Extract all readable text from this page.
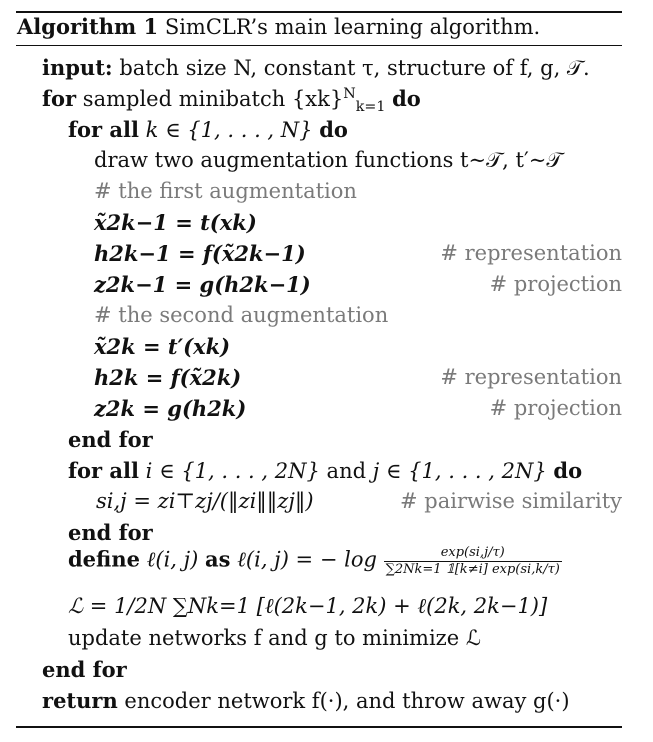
Algorithm 1 SimCLR’s main learning algorithm.
input: batch size N, constant τ, structure of f, g, 𝒯.
for sampled minibatch {xk}$^N_{k=1}$ do
for all k ∈ {1, . . . , N} do
draw two augmentation functions t∼𝒯, t′∼𝒯
# the first augmentation
x̃2k−1 = t(xk)
h2k−1 = f(x̃2k−1)	# representation
z2k−1 = g(h2k−1)	# projection
# the second augmentation
x̃2k = t′(xk)
h2k = f(x̃2k)	# representation
z2k = g(h2k)	# projection
end for
for all i ∈ {1, . . . , 2N} and j ∈ {1, . . . , 2N} do
si,j = zi⊤zj/(‖zi‖‖zj‖)	# pairwise similarity
end for
define ℓ(i, j) as ℓ(i, j) = − $\log \frac{\exp(si,j/\tau)}{\sum 2Nk=1 𝟙[k\ne i] \exp(si,k/\tau)}$
ℒ = 1/2N ∑Nk=1 [ℓ(2k−1, 2k) + ℓ(2k, 2k−1)]
update networks f and g to minimize ℒ
end for
return encoder network f(·), and throw away g(·)
